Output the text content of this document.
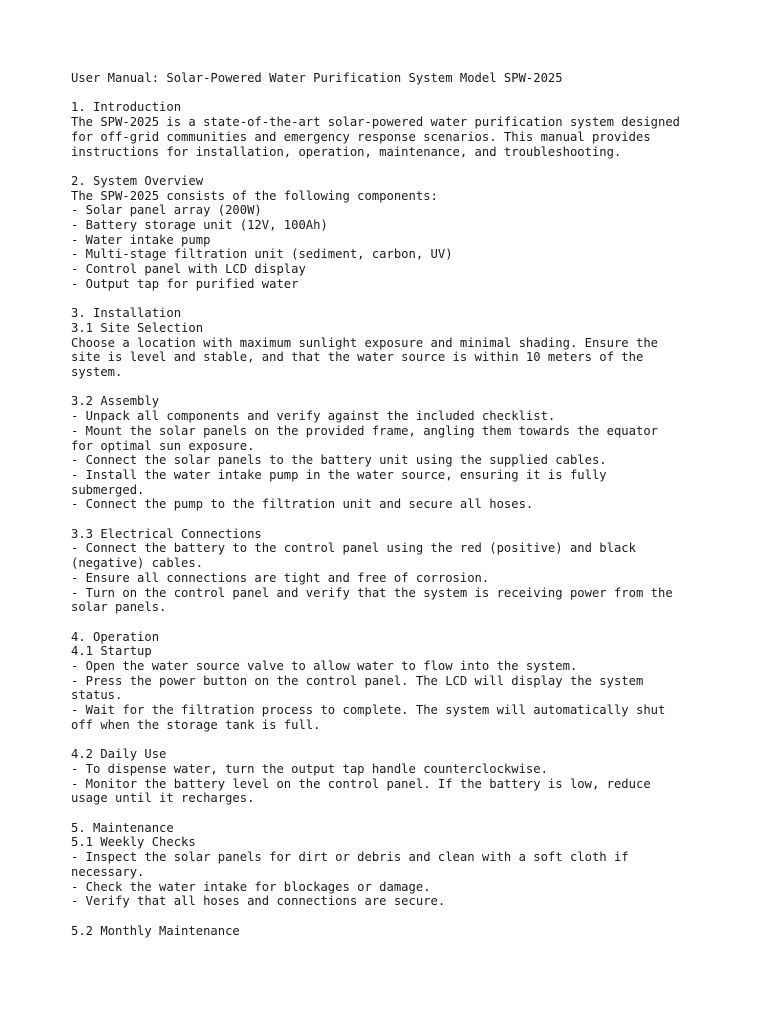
User Manual: Solar-Powered Water Purification System Model SPW-2025
1. Introduction
The SPW-2025 is a state-of-the-art solar-powered water purification system designed
for off-grid communities and emergency response scenarios. This manual provides
instructions for installation, operation, maintenance, and troubleshooting.
2. System Overview
The SPW-2025 consists of the following components:
- Solar panel array (200W)
- Battery storage unit (12V, 100Ah)
- Water intake pump
- Multi-stage filtration unit (sediment, carbon, UV)
- Control panel with LCD display
- Output tap for purified water
3. Installation
3.1 Site Selection
Choose a location with maximum sunlight exposure and minimal shading. Ensure the
site is level and stable, and that the water source is within 10 meters of the
system.
3.2 Assembly
- Unpack all components and verify against the included checklist.
- Mount the solar panels on the provided frame, angling them towards the equator
for optimal sun exposure.
- Connect the solar panels to the battery unit using the supplied cables.
- Install the water intake pump in the water source, ensuring it is fully
submerged.
- Connect the pump to the filtration unit and secure all hoses.
3.3 Electrical Connections
- Connect the battery to the control panel using the red (positive) and black
(negative) cables.
- Ensure all connections are tight and free of corrosion.
- Turn on the control panel and verify that the system is receiving power from the
solar panels.
4. Operation
4.1 Startup
- Open the water source valve to allow water to flow into the system.
- Press the power button on the control panel. The LCD will display the system
status.
- Wait for the filtration process to complete. The system will automatically shut
off when the storage tank is full.
4.2 Daily Use
- To dispense water, turn the output tap handle counterclockwise.
- Monitor the battery level on the control panel. If the battery is low, reduce
usage until it recharges.
5. Maintenance
5.1 Weekly Checks
- Inspect the solar panels for dirt or debris and clean with a soft cloth if
necessary.
- Check the water intake for blockages or damage.
- Verify that all hoses and connections are secure.
5.2 Monthly Maintenance
